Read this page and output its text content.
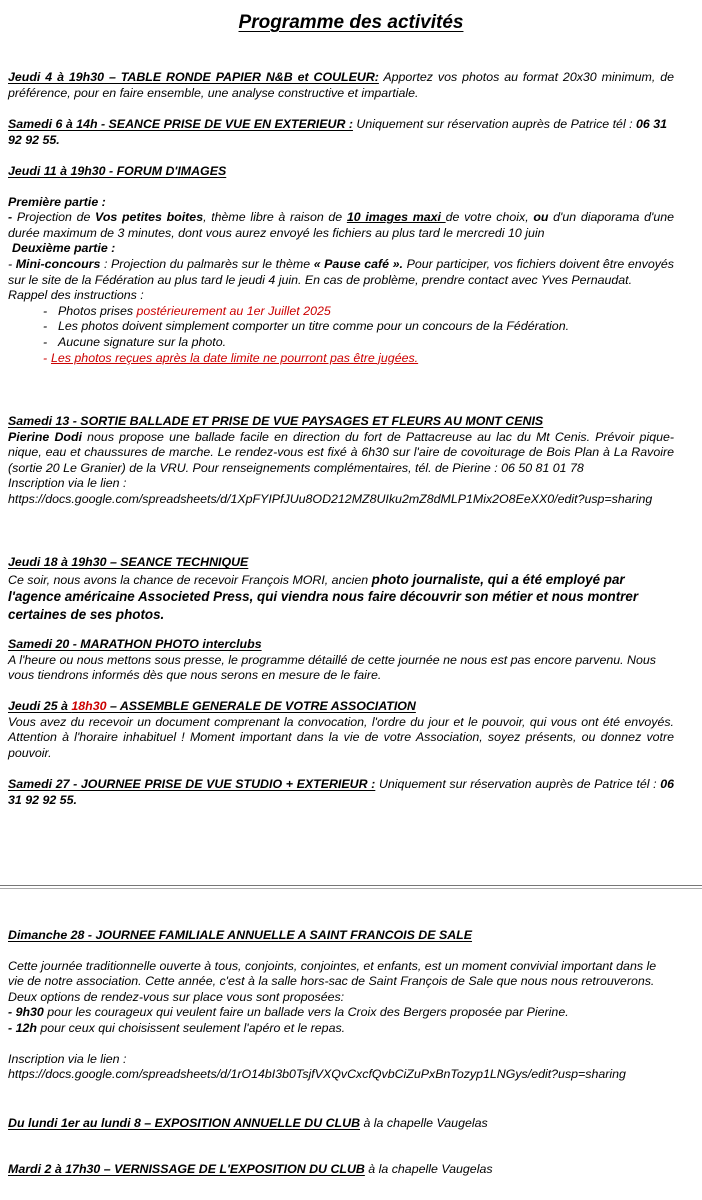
Programme des activités
Jeudi 4 à 19h30 – TABLE RONDE PAPIER N&B et COULEUR: Apportez vos photos au format 20x30 minimum, de préférence, pour en faire ensemble, une analyse constructive et impartiale.
Samedi 6 à 14h - SEANCE PRISE DE VUE EN EXTERIEUR : Uniquement sur réservation auprès de Patrice tél : 06 31 92 92 55.
Jeudi 11 à 19h30 - FORUM D'IMAGES
Première partie :
- Projection de Vos petites boites, thème libre à raison de 10 images maxi de votre choix, ou d'un diaporama d'une durée maximum de 3 minutes, dont vous aurez envoyé les fichiers au plus tard le mercredi 10 juin
Deuxième partie :
- Mini-concours : Projection du palmarès sur le thème « Pause café ». Pour participer, vos fichiers doivent être envoyés sur le site de la Fédération au plus tard le jeudi 4 juin. En cas de problème, prendre contact avec Yves Pernaudat.
Rappel des instructions :
- Photos prises postérieurement au 1er Juillet 2025
- Les photos doivent simplement comporter un titre comme pour un concours de la Fédération.
- Aucune signature sur la photo.
- Les photos reçues après la date limite ne pourront pas être jugées.
Samedi 13 - SORTIE BALLADE ET PRISE DE VUE PAYSAGES ET FLEURS AU MONT CENIS
Pierine Dodi nous propose une ballade facile en direction du fort de Pattacreuse au lac du Mt Cenis. Prévoir pique-nique, eau et chaussures de marche. Le rendez-vous est fixé à 6h30 sur l'aire de covoiturage de Bois Plan à La Ravoire (sortie 20 Le Granier) de la VRU. Pour renseignements complémentaires, tél. de Pierine : 06 50 81 01 78
Inscription via le lien :
https://docs.google.com/spreadsheets/d/1XpFYIPfJUu8OD212MZ8UIku2mZ8dMLP1Mix2O8EeXX0/edit?usp=sharing
Jeudi 18 à 19h30 – SEANCE TECHNIQUE
Ce soir, nous avons la chance de recevoir François MORI, ancien photo journaliste, qui a été employé par l'agence américaine Associeted Press, qui viendra nous faire découvrir son métier et nous montrer certaines de ses photos.
Samedi 20 - MARATHON PHOTO interclubs
A l'heure ou nous mettons sous presse, le programme détaillé de cette journée ne nous est pas encore parvenu. Nous vous tiendrons informés dès que nous serons en mesure de le faire.
Jeudi 25 à 18h30 – ASSEMBLE GENERALE DE VOTRE ASSOCIATION
Vous avez du recevoir un document comprenant la convocation, l'ordre du jour et le pouvoir, qui vous ont été envoyés. Attention à l'horaire inhabituel ! Moment important dans la vie de votre Association, soyez présents, ou donnez votre pouvoir.
Samedi 27 - JOURNEE PRISE DE VUE STUDIO + EXTERIEUR : Uniquement sur réservation auprès de Patrice tél : 06 31 92 92 55.
Dimanche 28 - JOURNEE FAMILIALE ANNUELLE A SAINT FRANCOIS DE SALE
Cette journée traditionnelle ouverte à tous, conjoints, conjointes, et enfants, est un moment convivial important dans le vie de notre association. Cette année, c'est à la salle hors-sac de Saint François de Sale que nous nous retrouverons. Deux options de rendez-vous sur place vous sont proposées:
- 9h30 pour les courageux qui veulent faire un ballade vers la Croix des Bergers proposée par Pierine.
- 12h pour ceux qui choisissent seulement l'apéro et le repas.
Inscription via le lien :
https://docs.google.com/spreadsheets/d/1rO14bI3b0TsjfVXQvCxcfQvbCiZuPxBnTozyp1LNGys/edit?usp=sharing
Du lundi 1er au lundi 8 – EXPOSITION ANNUELLE DU CLUB à la chapelle Vaugelas
Mardi 2 à 17h30 – VERNISSAGE DE L'EXPOSITION DU CLUB à la chapelle Vaugelas
